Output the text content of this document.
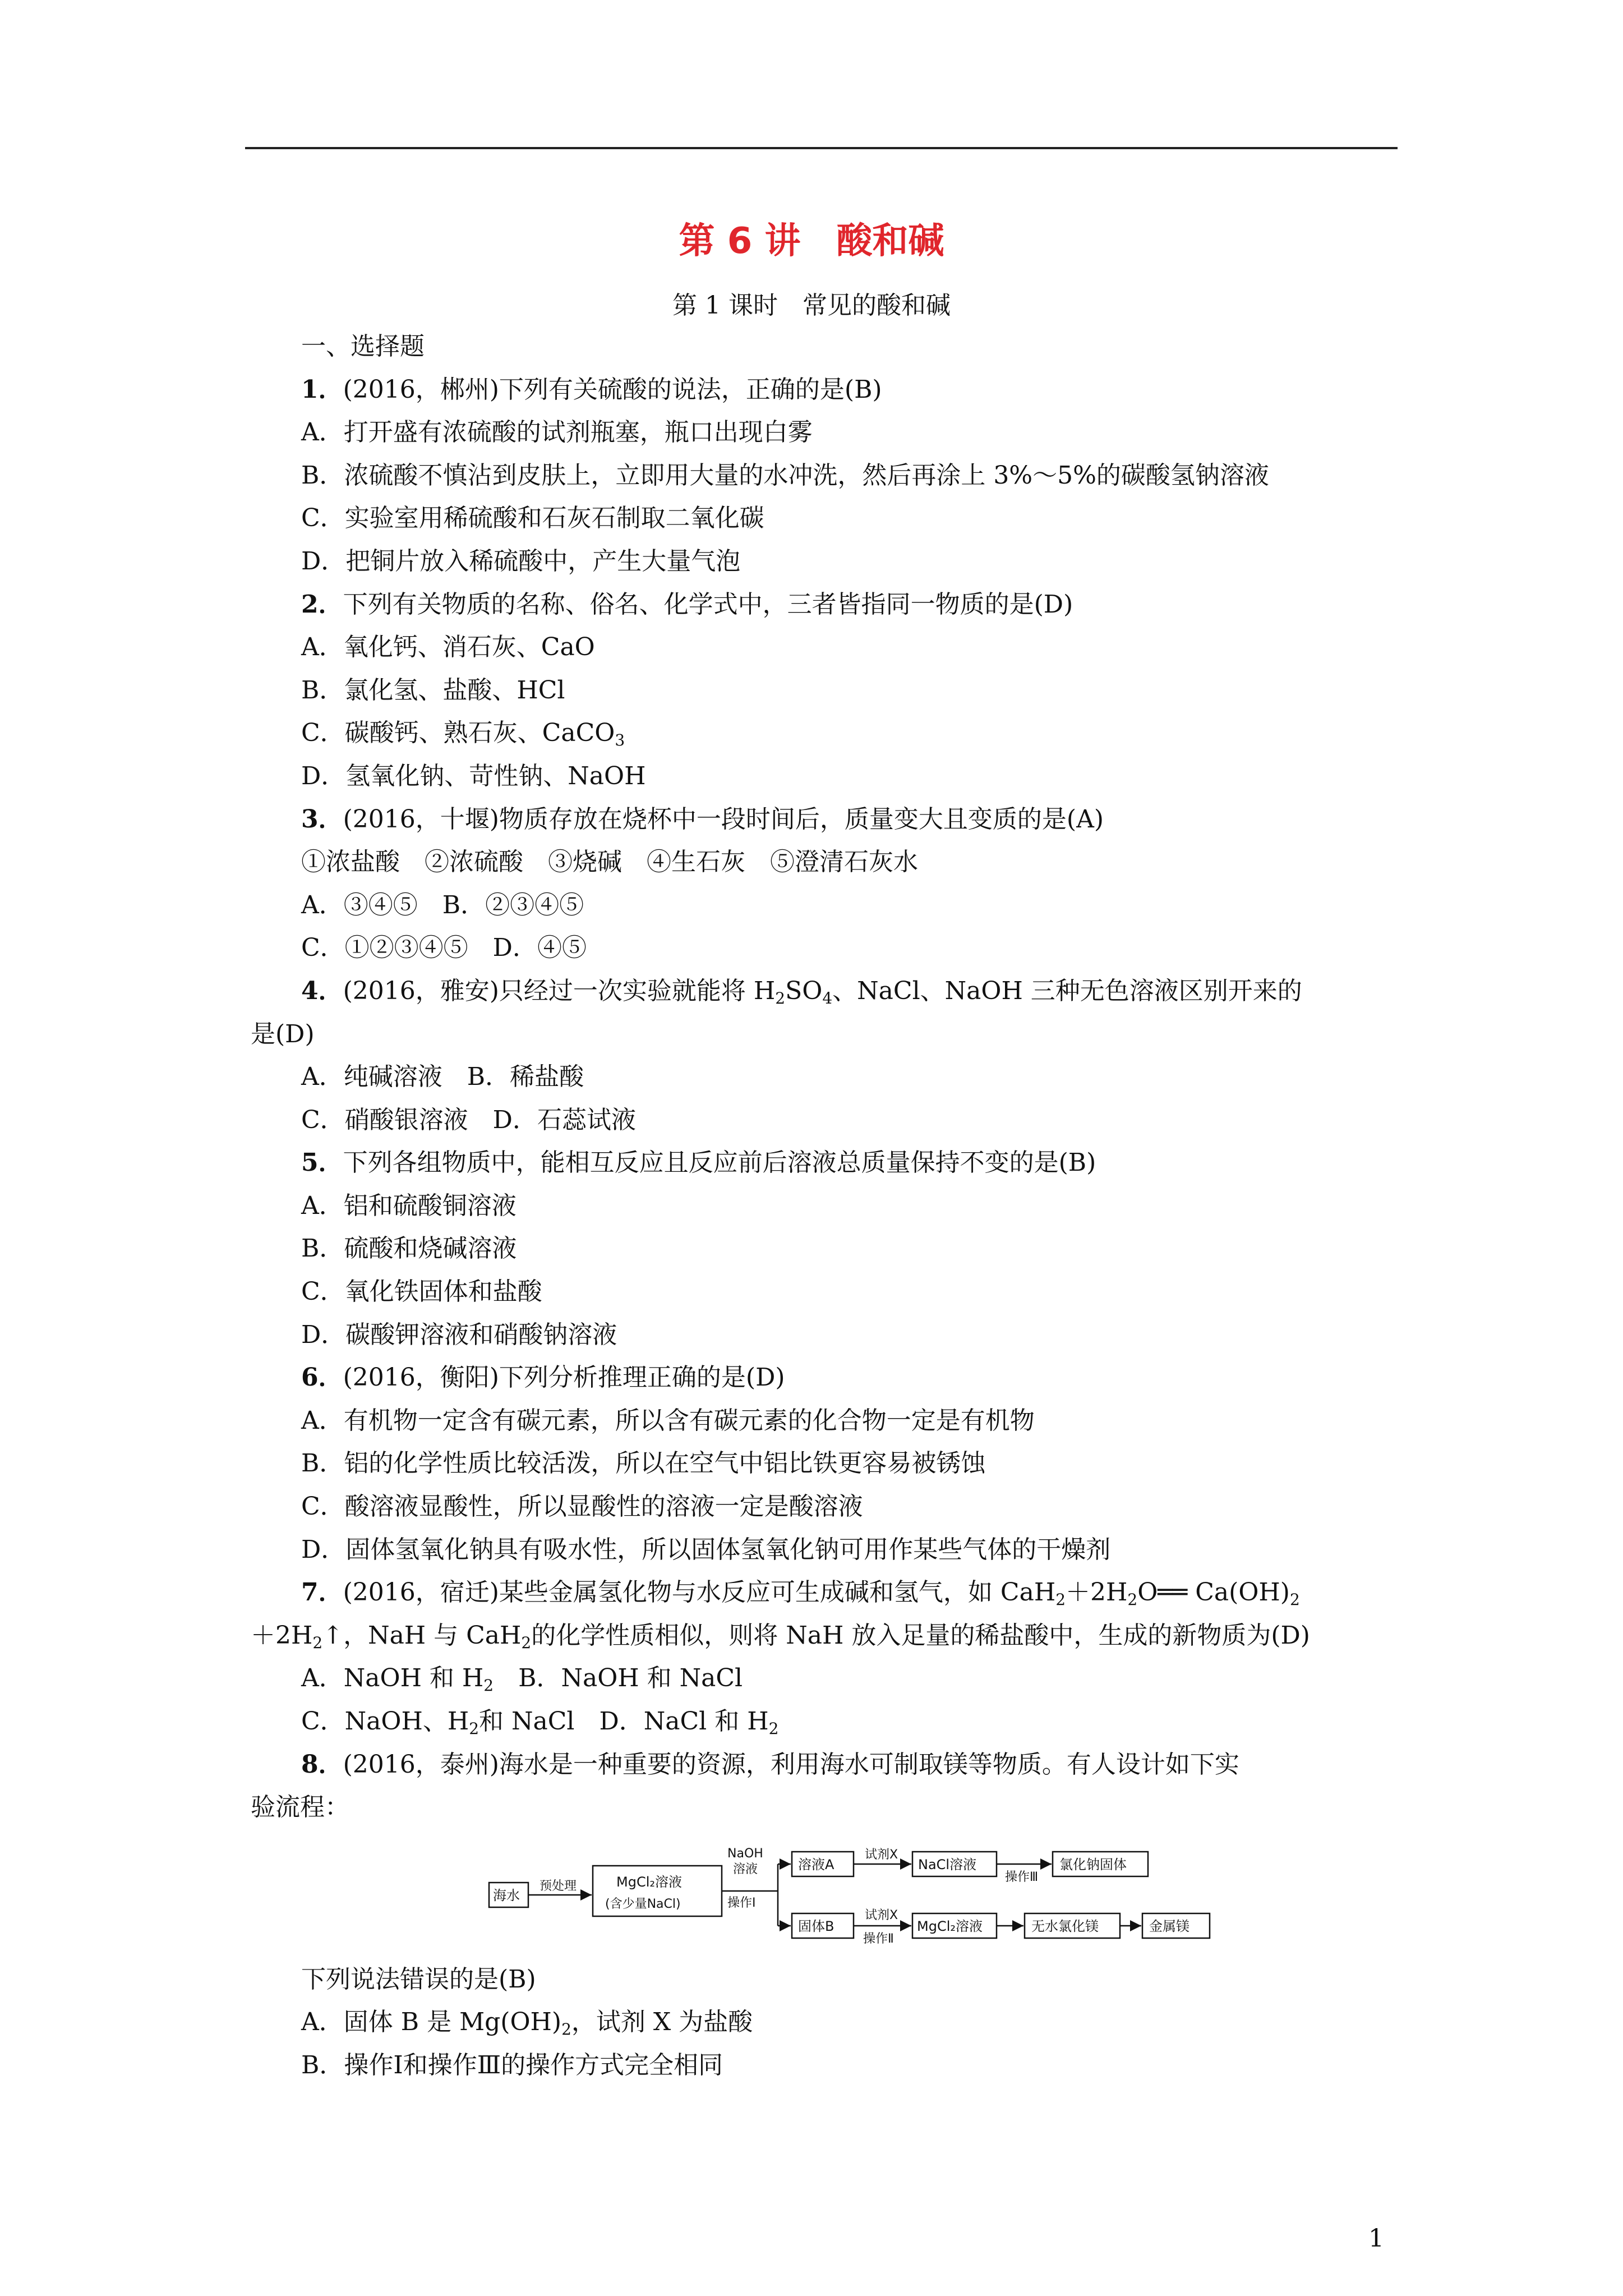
第 6 讲　酸和碱
第 1 课时　常见的酸和碱
一、选择题
1．(2016，郴州)下列有关硫酸的说法，正确的是(B)
A．打开盛有浓硫酸的试剂瓶塞，瓶口出现白雾
B．浓硫酸不慎沾到皮肤上，立即用大量的水冲洗，然后再涂上 3%～5%的碳酸氢钠溶液
C．实验室用稀硫酸和石灰石制取二氧化碳
D．把铜片放入稀硫酸中，产生大量气泡
2．下列有关物质的名称、俗名、化学式中，三者皆指同一物质的是(D)
A．氧化钙、消石灰、CaO
B．氯化氢、盐酸、HCl
C．碳酸钙、熟石灰、CaCO$_3$
D．氢氧化钠、苛性钠、NaOH
3．(2016，十堰)物质存放在烧杯中一段时间后，质量变大且变质的是(A)
①浓盐酸　②浓硫酸　③烧碱　④生石灰　⑤澄清石灰水
A．③④⑤　B．②③④⑤
C．①②③④⑤　D．④⑤
4．(2016，雅安)只经过一次实验就能将 $H_2SO_4$、NaCl、NaOH 三种无色溶液区别开来的
是(D)
A．纯碱溶液　B．稀盐酸
C．硝酸银溶液　D．石蕊试液
5．下列各组物质中，能相互反应且反应前后溶液总质量保持不变的是(B)
A．铝和硫酸铜溶液
B．硫酸和烧碱溶液
C．氧化铁固体和盐酸
D．碳酸钾溶液和硝酸钠溶液
6．(2016，衡阳)下列分析推理正确的是(D)
A．有机物一定含有碳元素，所以含有碳元素的化合物一定是有机物
B．铝的化学性质比较活泼，所以在空气中铝比铁更容易被锈蚀
C．酸溶液显酸性，所以显酸性的溶液一定是酸溶液
D．固体氢氧化钠具有吸水性，所以固体氢氧化钠可用作某些气体的干燥剂
7．(2016，宿迁)某些金属氢化物与水反应可生成碱和氢气，如 $CaH_2+2H_2O══$ $Ca(OH)_2$
$+2H_2↑$，NaH 与 CaH$_2$的化学性质相似，则将 NaH 放入足量的稀盐酸中，生成的新物质为(D)
A．NaOH 和 $H_2$　B．NaOH 和 NaCl
C．NaOH、$H_2$和 NaCl　D．NaCl 和 $H_2$
8．(2016，泰州)海水是一种重要的资源，利用海水可制取镁等物质。有人设计如下实
验流程：
海水
预处理	MgCl₂溶液
(含少量NaCl)
NaOH
溶液
操作Ⅰ
溶液A
试剂X
NaCl溶液
操作Ⅲ
氯化钠固体
固体B
试剂X
操作Ⅱ
MgCl₂溶液	无水氯化镁	金属镁
下列说法错误的是(B)
A．固体 B 是 $Mg(OH)_2$，试剂 X 为盐酸
B．操作Ⅰ和操作Ⅲ的操作方式完全相同
1
